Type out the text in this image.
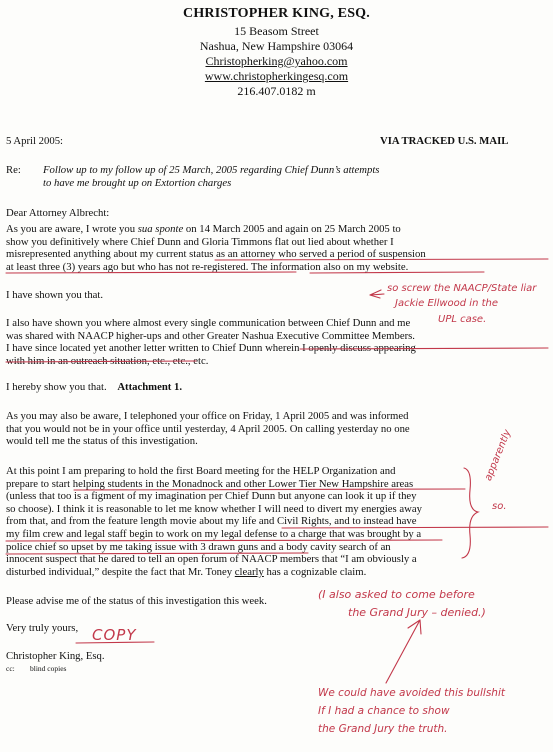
CHRISTOPHER KING, ESQ.
15 Beasom Street
Nashua, New Hampshire 03064
Christopherking@yahoo.com
www.christopherkingesq.com
216.407.0182 m
5 April 2005:	VIA TRACKED U.S. MAIL
Re: Follow up to my follow up of 25 March, 2005 regarding Chief Dunn’s attempts
to have me brought up on Extortion charges
Dear Attorney Albrecht:
As you are aware, I wrote you sua sponte on 14 March 2005 and again on 25 March 2005 to
show you definitively where Chief Dunn and Gloria Timmons flat out lied about whether I
misrepresented anything about my current status as an attorney who served a period of suspension
at least three (3) years ago but who has not re-registered. The information also on my website.
I have shown you that.
I also have shown you where almost every single communication between Chief Dunn and me
was shared with NAACP higher-ups and other Greater Nashua Executive Committee Members.
I have since located yet another letter written to Chief Dunn wherein I openly discuss appearing
with him in an outreach situation, etc., etc., etc.
I hereby show you that. Attachment 1.
As you may also be aware, I telephoned your office on Friday, 1 April 2005 and was informed
that you would not be in your office until yesterday, 4 April 2005. On calling yesterday no one
would tell me the status of this investigation.
At this point I am preparing to hold the first Board meeting for the HELP Organization and
prepare to start helping students in the Monadnock and other Lower Tier New Hampshire areas
(unless that too is a figment of my imagination per Chief Dunn but anyone can look it up if they
so choose). I think it is reasonable to let me know whether I will need to divert my energies away
from that, and from the feature length movie about my life and Civil Rights, and to instead have
my film crew and legal staff begin to work on my legal defense to a charge that was brought by a
police chief so upset by me taking issue with 3 drawn guns and a body cavity search of an
innocent suspect that he dared to tell an open forum of NAACP members that “I am obviously a
disturbed individual,” despite the fact that Mr. Toney clearly has a cognizable claim.
Please advise me of the status of this investigation this week.
Very truly yours,
Christopher King, Esq.
cc: blind copies
COPY
so screw the NAACP/State liar
Jackie Ellwood in the
UPL case.
apparently
so.
(I also asked to come before
the Grand Jury – denied.)
We could have avoided this bullshit
If I had a chance to show
the Grand Jury the truth.
